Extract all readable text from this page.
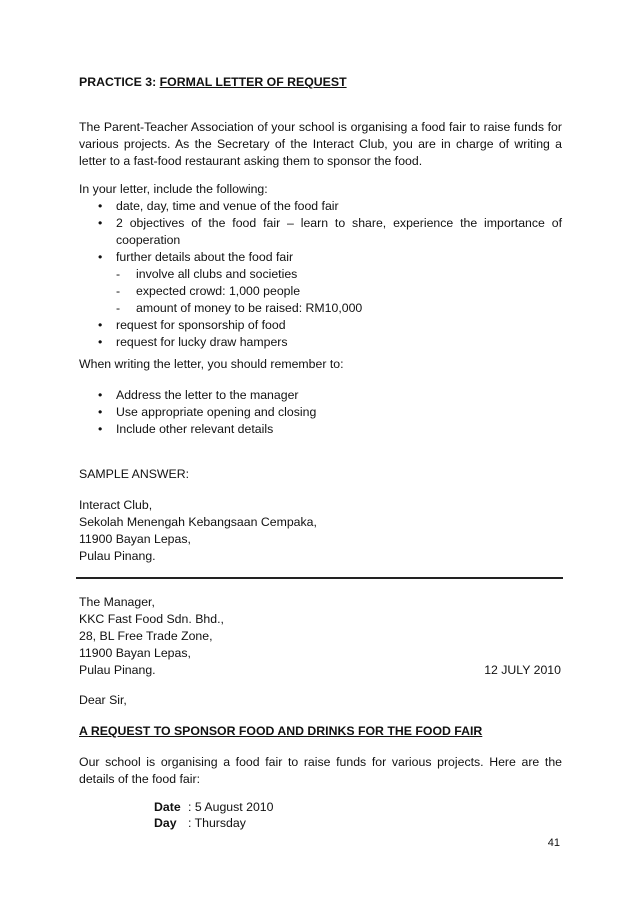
PRACTICE 3: FORMAL LETTER OF REQUEST
The Parent-Teacher Association of your school is organising a food fair to raise funds for various projects. As the Secretary of the Interact Club, you are in charge of writing a letter to a fast-food restaurant asking them to sponsor the food.
In your letter, include the following:
• date, day, time and venue of the food fair
• 2 objectives of the food fair – learn to share, experience the importance of cooperation
• further details about the food fair
- involve all clubs and societies
- expected crowd: 1,000 people
- amount of money to be raised: RM10,000
• request for sponsorship of food
• request for lucky draw hampers
When writing the letter, you should remember to:
• Address the letter to the manager
• Use appropriate opening and closing
• Include other relevant details
SAMPLE ANSWER:
Interact Club,
Sekolah Menengah Kebangsaan Cempaka,
11900 Bayan Lepas,
Pulau Pinang.
The Manager,
KKC Fast Food Sdn. Bhd.,
28, BL Free Trade Zone,
11900 Bayan Lepas,
Pulau Pinang.	12 JULY 2010
Dear Sir,
A REQUEST TO SPONSOR FOOD AND DRINKS FOR THE FOOD FAIR
Our school is organising a food fair to raise funds for various projects. Here are the details of the food fair:
Date : 5 August 2010
Day : Thursday
41
